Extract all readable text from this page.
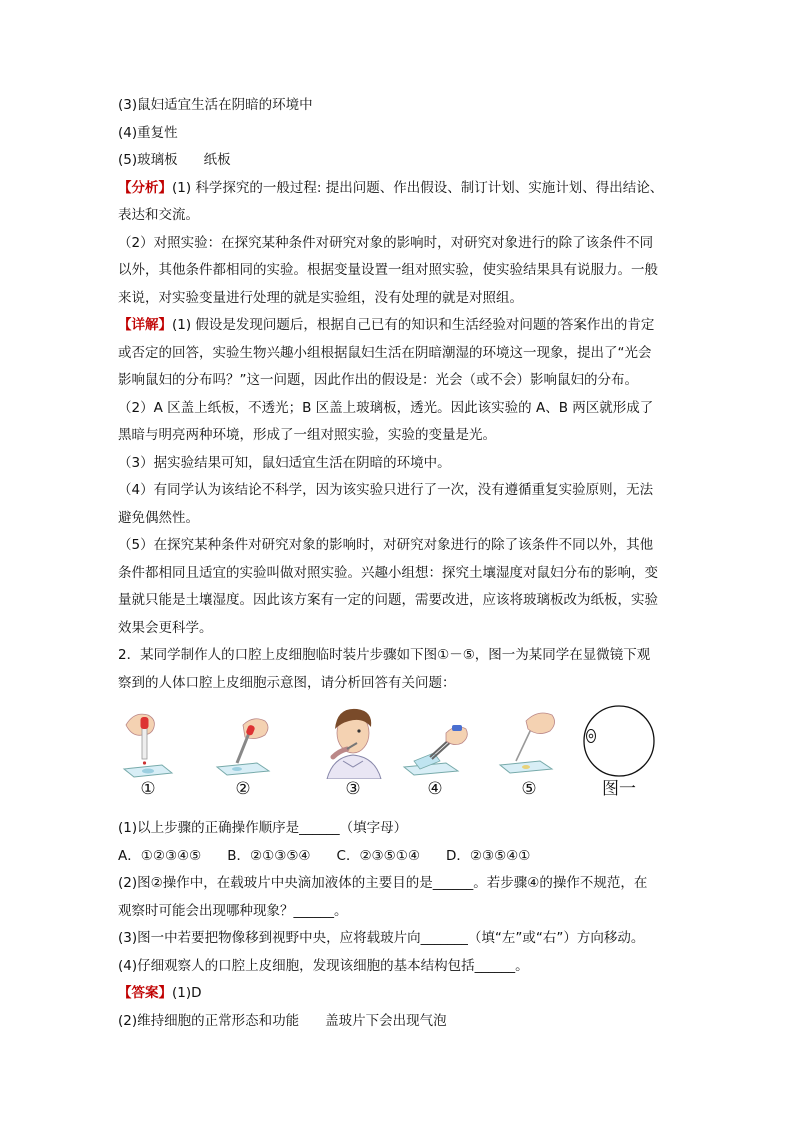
(3)鼠妇适宜生活在阴暗的环境中
(4)重复性
(5)玻璃板 纸板
【分析】(1) 科学探究的一般过程: 提出问题、作出假设、制订计划、实施计划、得出结论、
表达和交流。
（2）对照实验：在探究某种条件对研究对象的影响时，对研究对象进行的除了该条件不同
以外，其他条件都相同的实验。根据变量设置一组对照实验，使实验结果具有说服力。一般
来说，对实验变量进行处理的就是实验组，没有处理的就是对照组。
【详解】(1) 假设是发现问题后，根据自己已有的知识和生活经验对问题的答案作出的肯定
或否定的回答，实验生物兴趣小组根据鼠妇生活在阴暗潮湿的环境这一现象，提出了“光会
影响鼠妇的分布吗？”这一问题，因此作出的假设是：光会（或不会）影响鼠妇的分布。
（2）A 区盖上纸板，不透光；B 区盖上玻璃板，透光。因此该实验的 A、B 两区就形成了
黑暗与明亮两种环境，形成了一组对照实验，实验的变量是光。
（3）据实验结果可知，鼠妇适宜生活在阴暗的环境中。
（4）有同学认为该结论不科学，因为该实验只进行了一次，没有遵循重复实验原则，无法
避免偶然性。
（5）在探究某种条件对研究对象的影响时，对研究对象进行的除了该条件不同以外，其他
条件都相同且适宜的实验叫做对照实验。兴趣小组想：探究土壤湿度对鼠妇分布的影响，变
量就只能是土壤湿度。因此该方案有一定的问题，需要改进，应该将玻璃板改为纸板，实验
效果会更科学。
2．某同学制作人的口腔上皮细胞临时装片步骤如下图①－⑤，图一为某同学在显微镜下观
察到的人体口腔上皮细胞示意图，请分析回答有关问题：
①	②	③	④	⑤	图一
(1)以上步骤的正确操作顺序是______（填字母）
A．①②③④⑤ B．②①③⑤④ C．②③⑤①④ D．②③⑤④①
(2)图②操作中，在载玻片中央滴加液体的主要目的是______。若步骤④的操作不规范，在
观察时可能会出现哪种现象？______。
(3)图一中若要把物像移到视野中央，应将载玻片向_______（填“左”或“右”）方向移动。
(4)仔细观察人的口腔上皮细胞，发现该细胞的基本结构包括______。
【答案】(1)D
(2)维持细胞的正常形态和功能 盖玻片下会出现气泡
